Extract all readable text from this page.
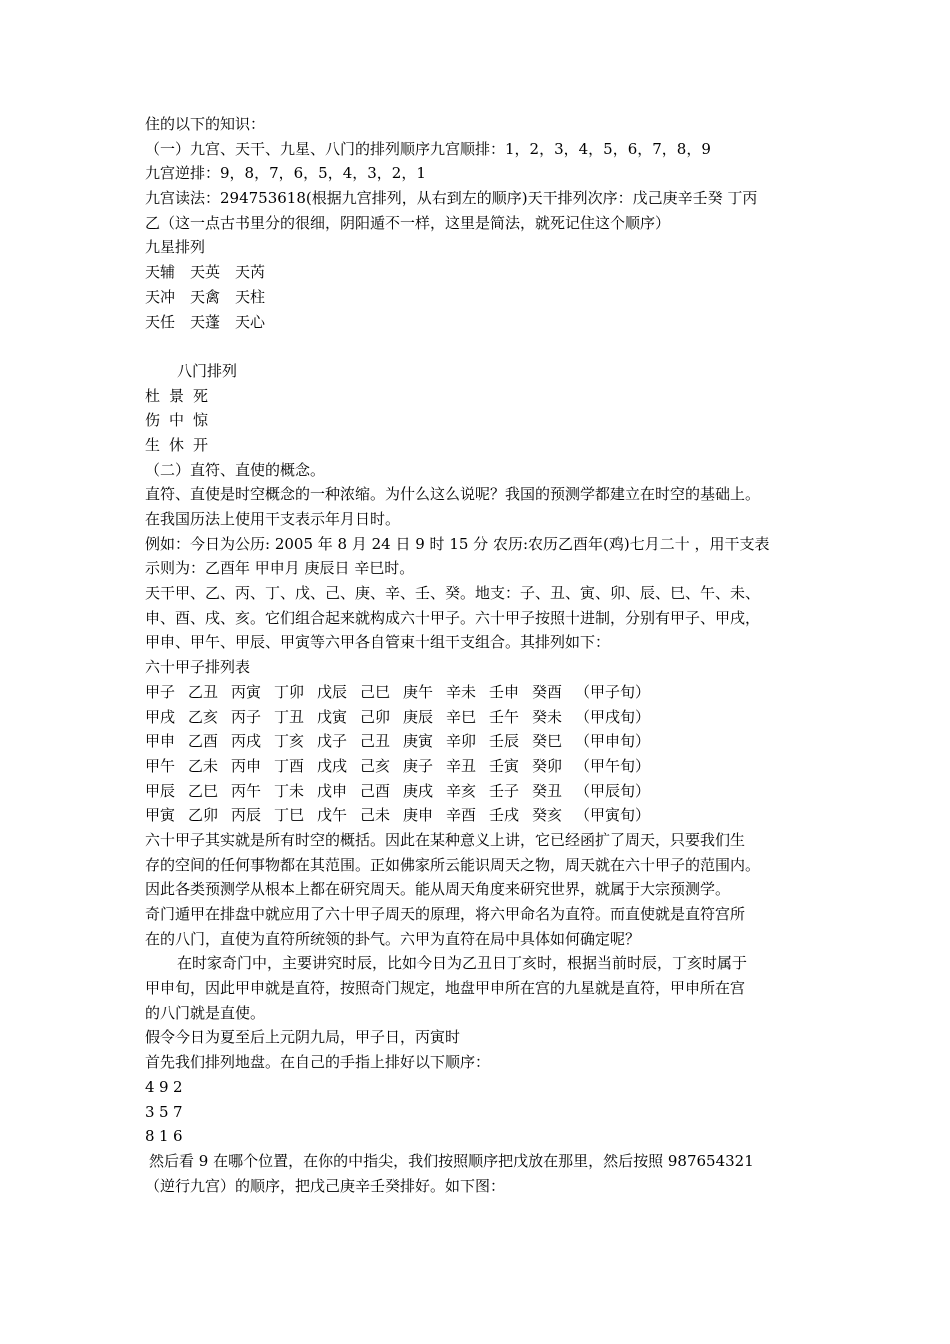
住的以下的知识：
（一）九宫、天干、九星、八门的排列顺序九宫顺排：1，2，3，4，5，6，7，8，9
九宫逆排：9，8，7，6，5，4，3，2，1
九宫读法：294753618(根据九宫排列，从右到左的顺序)天干排列次序：戊己庚辛壬癸 丁丙
乙（这一点古书里分的很细，阴阳遁不一样，这里是简法，就死记住这个顺序）
九星排列
天辅 天英 天芮
天冲 天禽 天柱
天任 天蓬 天心
八门排列
杜 景 死
伤 中 惊
生 休 开
（二）直符、直使的概念。
直符、直使是时空概念的一种浓缩。为什么这么说呢？我国的预测学都建立在时空的基础上。
在我国历法上使用干支表示年月日时。
例如：今日为公历: 2005 年 8 月 24 日 9 时 15 分 农历:农历乙酉年(鸡)七月二十 ，用干支表
示则为：乙酉年 甲申月 庚辰日 辛巳时。
天干甲、乙、丙、丁、戊、己、庚、辛、壬、癸。地支：子、丑、寅、卯、辰、巳、午、未、
申、酉、戌、亥。它们组合起来就构成六十甲子。六十甲子按照十进制，分别有甲子、甲戌，
甲申、甲午、甲辰、甲寅等六甲各自管束十组干支组合。其排列如下：
六十甲子排列表
甲子 乙丑 丙寅 丁卯 戊辰 己巳 庚午 辛未 壬申 癸酉 （甲子旬）
甲戌 乙亥 丙子 丁丑 戊寅 己卯 庚辰 辛巳 壬午 癸未 （甲戌旬）
甲申 乙酉 丙戌 丁亥 戊子 己丑 庚寅 辛卯 壬辰 癸巳 （甲申旬）
甲午 乙未 丙申 丁酉 戊戌 己亥 庚子 辛丑 壬寅 癸卯 （甲午旬）
甲辰 乙巳 丙午 丁未 戊申 己酉 庚戌 辛亥 壬子 癸丑 （甲辰旬）
甲寅 乙卯 丙辰 丁巳 戊午 己未 庚申 辛酉 壬戌 癸亥 （甲寅旬）
六十甲子其实就是所有时空的概括。因此在某种意义上讲，它已经函扩了周天，只要我们生
存的空间的任何事物都在其范围。正如佛家所云能识周天之物，周天就在六十甲子的范围内。
因此各类预测学从根本上都在研究周天。能从周天角度来研究世界，就属于大宗预测学。
奇门遁甲在排盘中就应用了六十甲子周天的原理，将六甲命名为直符。而直使就是直符宫所
在的八门，直使为直符所统领的卦气。六甲为直符在局中具体如何确定呢？
在时家奇门中，主要讲究时辰，比如今日为乙丑日丁亥时，根据当前时辰，丁亥时属于
甲申旬，因此甲申就是直符，按照奇门规定，地盘甲申所在宫的九星就是直符，甲申所在宫
的八门就是直使。
假令今日为夏至后上元阴九局，甲子日，丙寅时
首先我们排列地盘。在自己的手指上排好以下顺序：
4 9 2
3 5 7
8 1 6
然后看 9 在哪个位置，在你的中指尖，我们按照顺序把戊放在那里，然后按照 987654321
（逆行九宫）的顺序，把戊己庚辛壬癸排好。如下图：
